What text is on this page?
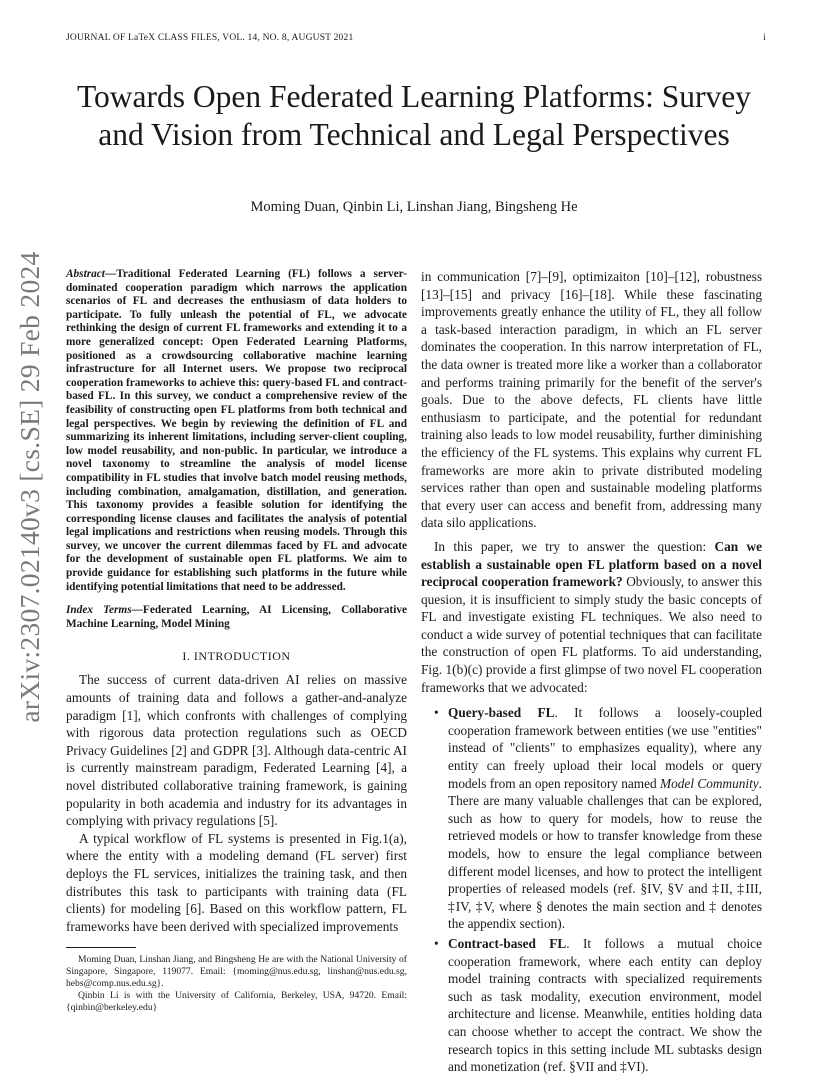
JOURNAL OF LaTeX CLASS FILES, VOL. 14, NO. 8, AUGUST 2021	i
arXiv:2307.02140v3 [cs.SE] 29 Feb 2024
Towards Open Federated Learning Platforms: Survey and Vision from Technical and Legal Perspectives
Moming Duan, Qinbin Li, Linshan Jiang, Bingsheng He

Abstract—Traditional Federated Learning (FL) follows a server-dominated cooperation paradigm which narrows the application scenarios of FL and decreases the enthusiasm of data holders to participate. To fully unleash the potential of FL, we advocate rethinking the design of current FL frameworks and extending it to a more generalized concept: Open Federated Learning Platforms, positioned as a crowdsourcing collaborative machine learning infrastructure for all Internet users. We propose two reciprocal cooperation frameworks to achieve this: query-based FL and contract-based FL. In this survey, we conduct a comprehensive review of the feasibility of constructing open FL platforms from both technical and legal perspectives. We begin by reviewing the definition of FL and summarizing its inherent limitations, including server-client coupling, low model reusability, and non-public. In particular, we introduce a novel taxonomy to streamline the analysis of model license compatibility in FL studies that involve batch model reusing methods, including combination, amalgamation, distillation, and generation. This taxonomy provides a feasible solution for identifying the corresponding license clauses and facilitates the analysis of potential legal implications and restrictions when reusing models. Through this survey, we uncover the current dilemmas faced by FL and advocate for the development of sustainable open FL platforms. We aim to provide guidance for establishing such platforms in the future while identifying potential limitations that need to be addressed.

Index Terms—Federated Learning, AI Licensing, Collaborative Machine Learning, Model Mining

I. INTRODUCTION

The success of current data-driven AI relies on massive amounts of training data and follows a gather-and-analyze paradigm [1], which confronts with challenges of complying with rigorous data protection regulations such as OECD Privacy Guidelines [2] and GDPR [3]. Although data-centric AI is currently mainstream paradigm, Federated Learning [4], a novel distributed collaborative training framework, is gaining popularity in both academia and industry for its advantages in complying with privacy regulations [5].

A typical workflow of FL systems is presented in Fig.1(a), where the entity with a modeling demand (FL server) first deploys the FL services, initializes the training task, and then distributes this task to participants with training data (FL clients) for modeling [6]. Based on this workflow pattern, FL frameworks have been derived with specialized improvements

Moming Duan, Linshan Jiang, and Bingsheng He are with the National University of Singapore, Singapore, 119077. Email: {moming@nus.edu.sg, linshan@nus.edu.sg, hebs@comp.nus.edu.sg}.

Qinbin Li is with the University of California, Berkeley, USA, 94720. Email: {qinbin@berkeley.edu}

in communication [7]–[9], optimizaiton [10]–[12], robustness [13]–[15] and privacy [16]–[18]. While these fascinating improvements greatly enhance the utility of FL, they all follow a task-based interaction paradigm, in which an FL server dominates the cooperation. In this narrow interpretation of FL, the data owner is treated more like a worker than a collaborator and performs training primarily for the benefit of the server's goals. Due to the above defects, FL clients have little enthusiasm to participate, and the potential for redundant training also leads to low model reusability, further diminishing the efficiency of the FL systems. This explains why current FL frameworks are more akin to private distributed modeling services rather than open and sustainable modeling platforms that every user can access and benefit from, addressing many data silo applications.

In this paper, we try to answer the question: Can we establish a sustainable open FL platform based on a novel reciprocal cooperation framework? Obviously, to answer this quesion, it is insufficient to simply study the basic concepts of FL and investigate existing FL techniques. We also need to conduct a wide survey of potential techniques that can facilitate the construction of open FL platforms. To aid understanding, Fig. 1(b)(c) provide a first glimpse of two novel FL cooperation frameworks that we advocated:

• Query-based FL. It follows a loosely-coupled cooperation framework between entities (we use "entities" instead of "clients" to emphasizes equality), where any entity can freely upload their local models or query models from an open repository named Model Community. There are many valuable challenges that can be explored, such as how to query for models, how to reuse the retrieved models or how to transfer knowledge from these models, how to ensure the legal compliance between different model licenses, and how to protect the intelligent properties of released models (ref. §IV, §V and ‡II, ‡III, ‡IV, ‡V, where § denotes the main section and ‡ denotes the appendix section).
• Contract-based FL. It follows a mutual choice cooperation framework, where each entity can deploy model training contracts with specialized requirements such as task modality, execution environment, model architecture and license. Meanwhile, entities holding data can choose whether to accept the contract. We show the research topics in this setting include ML subtasks design and monetization (ref. §VII and ‡VI).
